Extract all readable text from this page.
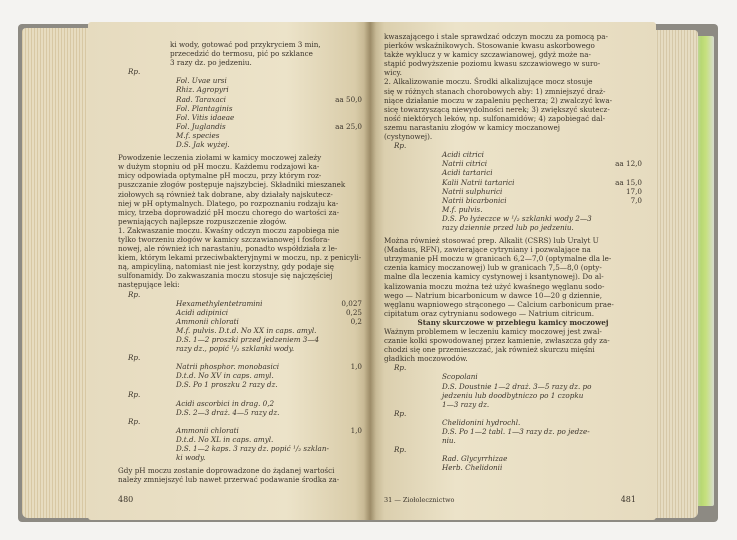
ki wody, gotować pod przykryciem 3 min,

przecedzić do termosu, pić po szklance

3 razy dz. po jedzeniu.

Rp.

Fol. Uvae ursi

Rhiz. Agropyri

Rad. Taraxaci	aa 50,0

Fol. Plantaginis

Fol. Vitis idaeae

Fol. Juglandis	aa 25,0

M.f. species

D.S. Jak wyżej.

Powodzenie leczenia ziołami w kamicy moczowej zależy

w dużym stopniu od pH moczu. Każdemu rodzajowi ka-

micy odpowiada optymalne pH moczu, przy którym roz-

puszczanie złogów postępuje najszybciej. Składniki mieszanek

ziołowych są również tak dobrane, aby działały najskutecz-

niej w pH optymalnych. Dlatego, po rozpoznaniu rodzaju ka-

micy, trzeba doprowadzić pH moczu chorego do wartości za-

pewniających najlepsze rozpuszczenie złogów.

1. Zakwaszanie moczu. Kwaśny odczyn moczu zapobiega nie

tylko tworzeniu złogów w kamicy szczawianowej i fosfora-

nowej, ale również ich narastaniu, ponadto współdziała z le-

kiem, którym lekami przeciwbakteryjnymi w moczu, np. z penicyli-

ną, ampicyliną, natomiast nie jest korzystny, gdy podaje się

sulfonamidy. Do zakwaszania moczu stosuje się najczęściej

następujące leki:

Rp.

Hexamethylentetramini	0,027

Acidi adipinici	0,25

Ammonii chlorati	0,2

M.f. pulvis. D.t.d. No XX in caps. amyl.

D.S. 1—2 proszki przed jedzeniem 3—4

razy dz., popić ¹/₂ szklanki wody.

Rp.

Natrii phosphor. monobasici	1,0

D.t.d. No XV in caps. amyl.

D.S. Po 1 proszku 2 razy dz.

Rp.

Acidi ascorbici in drag. 0,2

D.S. 2—3 draż. 4—5 razy dz.

Rp.

Ammonii chlorati	1,0

D.t.d. No XL in caps. amyl.

D.S. 1—2 kaps. 3 razy dz. popić ¹/₂ szklan-

ki wody.

Gdy pH moczu zostanie doprowadzone do żądanej wartości

należy zmniejszyć lub nawet przerwać podawanie środka za-

480

kwaszającego i stale sprawdzać odczyn moczu za pomocą pa-

pierków wskaźnikowych. Stosowanie kwasu askorbowego

także wyklucz y w kamicy szczawianowej, gdyż może na-

stąpić podwyższenie poziomu kwasu szczawiowego w suro-

wicy.

2. Alkalizowanie moczu. Środki alkalizujące mocz stosuje

się w różnych stanach chorobowych aby: 1) zmniejszyć draż-

niące działanie moczu w zapaleniu pęcherza; 2) zwalczyć kwa-

sicę towarzyszącą niewydolności nerek; 3) zwiększyć skutecz-

ność niektórych leków, np. sulfonamidów; 4) zapobiegać dal-

szemu narastaniu złogów w kamicy moczanowej

(cystynowej).

Rp.

Acidi citrici

Natrii citrici	aa 12,0

Acidi tartarici

Kalii Natrii tartarici	aa 15,0

Natrii sulphurici	17,0

Natrii bicarbonici	7,0

M.f. pulvis.

D.S. Po łyżeczce w ¹/₂ szklanki wody 2—3

razy dziennie przed lub po jedzeniu.

Można również stosować prep. Alkalit (CSRS) lub Uralyt U

(Madaus, RFN), zawierające cytryniany i pozwalające na

utrzymanie pH moczu w granicach 6,2—7,0 (optymalne dla le-

czenia kamicy moczanowej) lub w granicach 7,5—8,0 (opty-

malne dla leczenia kamicy cystynowej i ksantynowej). Do al-

kalizowania moczu można też użyć kwaśnego węglanu sodo-

wego — Natrium bicarbonicum w dawce 10—20 g dziennie,

węglanu wapniowego strąconego — Calcium carbonicum prae-

cipitatum oraz cytrynianu sodowego — Natrium citricum.

Stany skurczowe w przebiegu kamicy moczowej

Ważnym problemem w leczeniu kamicy moczowej jest zwal-

czanie kolki spowodowanej przez kamienie, zwłaszcza gdy za-

chodzi się one przemieszczać, jak również skurczu mięśni

gładkich moczowodów.

Rp.

Scopolani

D.S. Doustnie 1—2 draż. 3—5 razy dz. po

jedzeniu lub doodbytniczo po 1 czopku

1—3 razy dz.

Rp.

Chelidonini hydrochl.

D.S. Po 1—2 tabl. 1—3 razy dz. po jedze-

niu.

Rp.

Rad. Glycyrrhizae

Herb. Chelidonii

31 — Ziołolecznictwo	481
